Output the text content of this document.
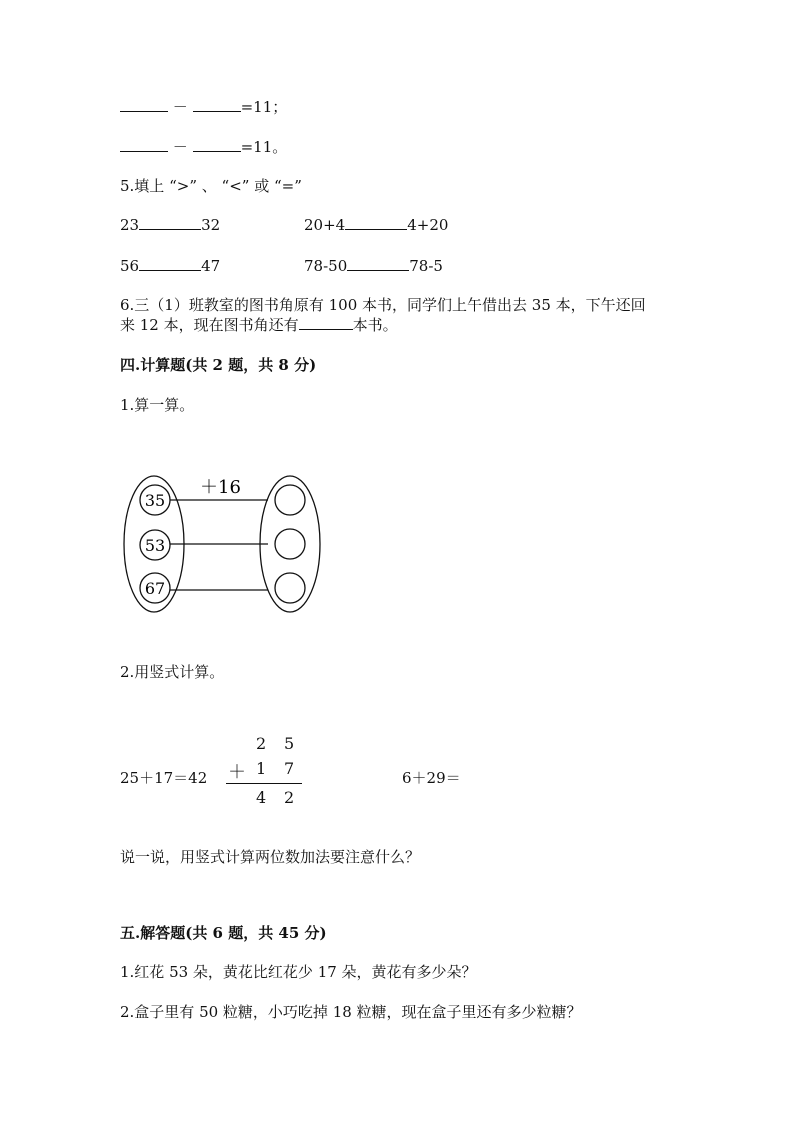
－	=11；
－	=11。
5.填上 “>” 、 “<” 或 “=”
23	32	20+4	4+20
56	47	78-50	78-5
6.三（1）班教室的图书角原有 100 本书，同学们上午借出去 35 本，下午还回
来 12 本，现在图书角还有	本书。
四.计算题(共 2 题，共 8 分)
1.算一算。
＋16
35
53
67
2.用竖式计算。
25＋17＝42
2 5
＋ 1 7
4 2
6＋29＝
说一说，用竖式计算两位数加法要注意什么？
五.解答题(共 6 题，共 45 分)
1.红花 53 朵，黄花比红花少 17 朵，黄花有多少朵？
2.盒子里有 50 粒糖，小巧吃掉 18 粒糖，现在盒子里还有多少粒糖？
